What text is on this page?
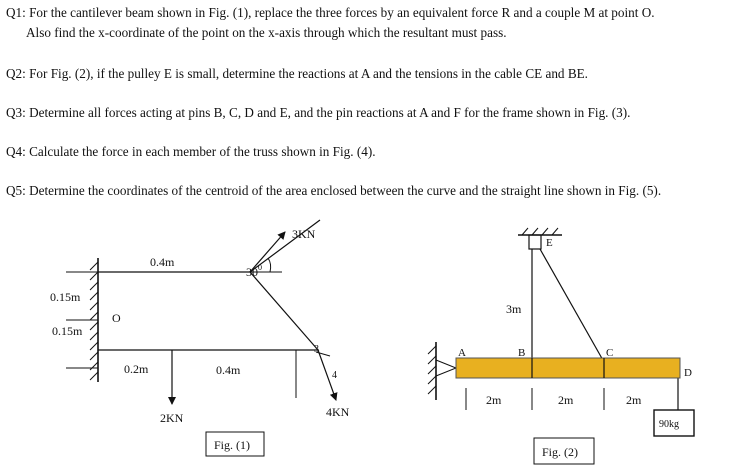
Q1: For the cantilever beam shown in Fig. (1), replace the three forces by an equivalent force R and a couple M at point O.
Also find the x-coordinate of the point on the x-axis through which the resultant must pass.
Q2: For Fig. (2), if the pulley E is small, determine the reactions at A and the tensions in the cable CE and BE.
Q3: Determine all forces acting at pins B, C, D and E, and the pin reactions at A and F for the frame shown in Fig. (3).
Q4: Calculate the force in each member of the truss shown in Fig. (4).
Q5: Determine the coordinates of the centroid of the area enclosed between the curve and the straight line shown in Fig. (5).
0.4m
0.15m
0.15m
O
0.2m	0.4m
30 0
3KN
2KN	4KN
3
4
Fig. (1)
A	B	C
D
E
3m
2m	2m	2m
90kg
Fig. (2)
